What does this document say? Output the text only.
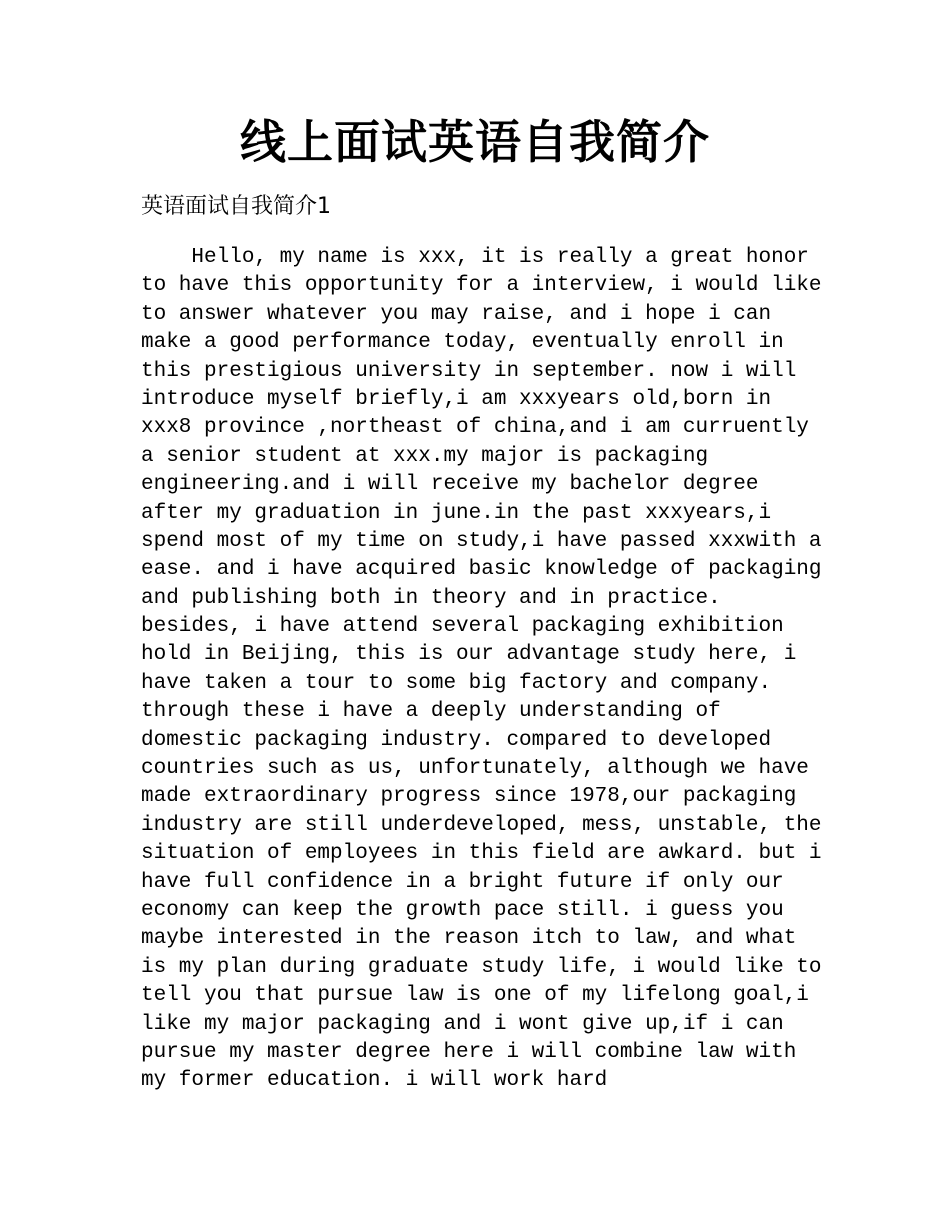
线上面试英语自我简介
英语面试自我简介1
Hello, my name is xxx, it is really a great honor
to have this opportunity for a interview, i would like
to answer whatever you may raise, and i hope i can
make a good performance today, eventually enroll in
this prestigious university in september. now i will
introduce myself briefly,i am xxxyears old,born in
xxx8 province ,northeast of china,and i am curruently
a senior student at xxx.my major is packaging
engineering.and i will receive my bachelor degree
after my graduation in june.in the past xxxyears,i
spend most of my time on study,i have passed xxxwith a
ease. and i have acquired basic knowledge of packaging
and publishing both in theory and in practice.
besides, i have attend several packaging exhibition
hold in Beijing, this is our advantage study here, i
have taken a tour to some big factory and company.
through these i have a deeply understanding of
domestic packaging industry. compared to developed
countries such as us, unfortunately, although we have
made extraordinary progress since 1978,our packaging
industry are still underdeveloped, mess, unstable, the
situation of employees in this field are awkard. but i
have full confidence in a bright future if only our
economy can keep the growth pace still. i guess you
maybe interested in the reason itch to law, and what
is my plan during graduate study life, i would like to
tell you that pursue law is one of my lifelong goal,i
like my major packaging and i wont give up,if i can
pursue my master degree here i will combine law with
my former education. i will work hard
